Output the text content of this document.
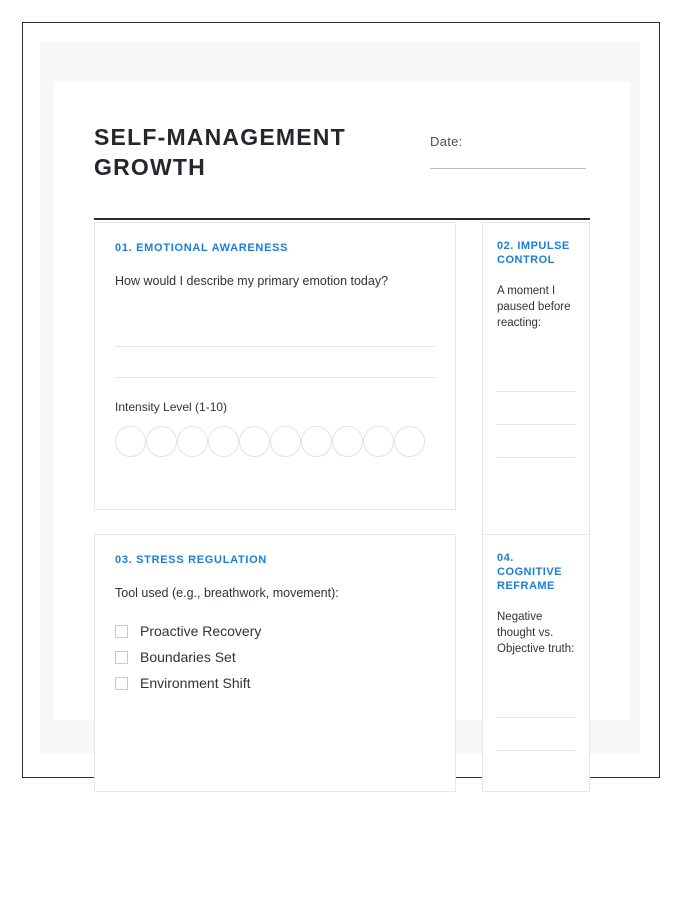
SELF-MANAGEMENT GROWTH
Date:
01. EMOTIONAL AWARENESS
How would I describe my primary emotion today?
Intensity Level (1-10)
02. IMPULSE CONTROL
A moment I paused before reacting:
03. STRESS REGULATION
Tool used (e.g., breathwork, movement):
Proactive Recovery
Boundaries Set
Environment Shift
04. COGNITIVE REFRAME
Negative thought vs. Objective truth:
